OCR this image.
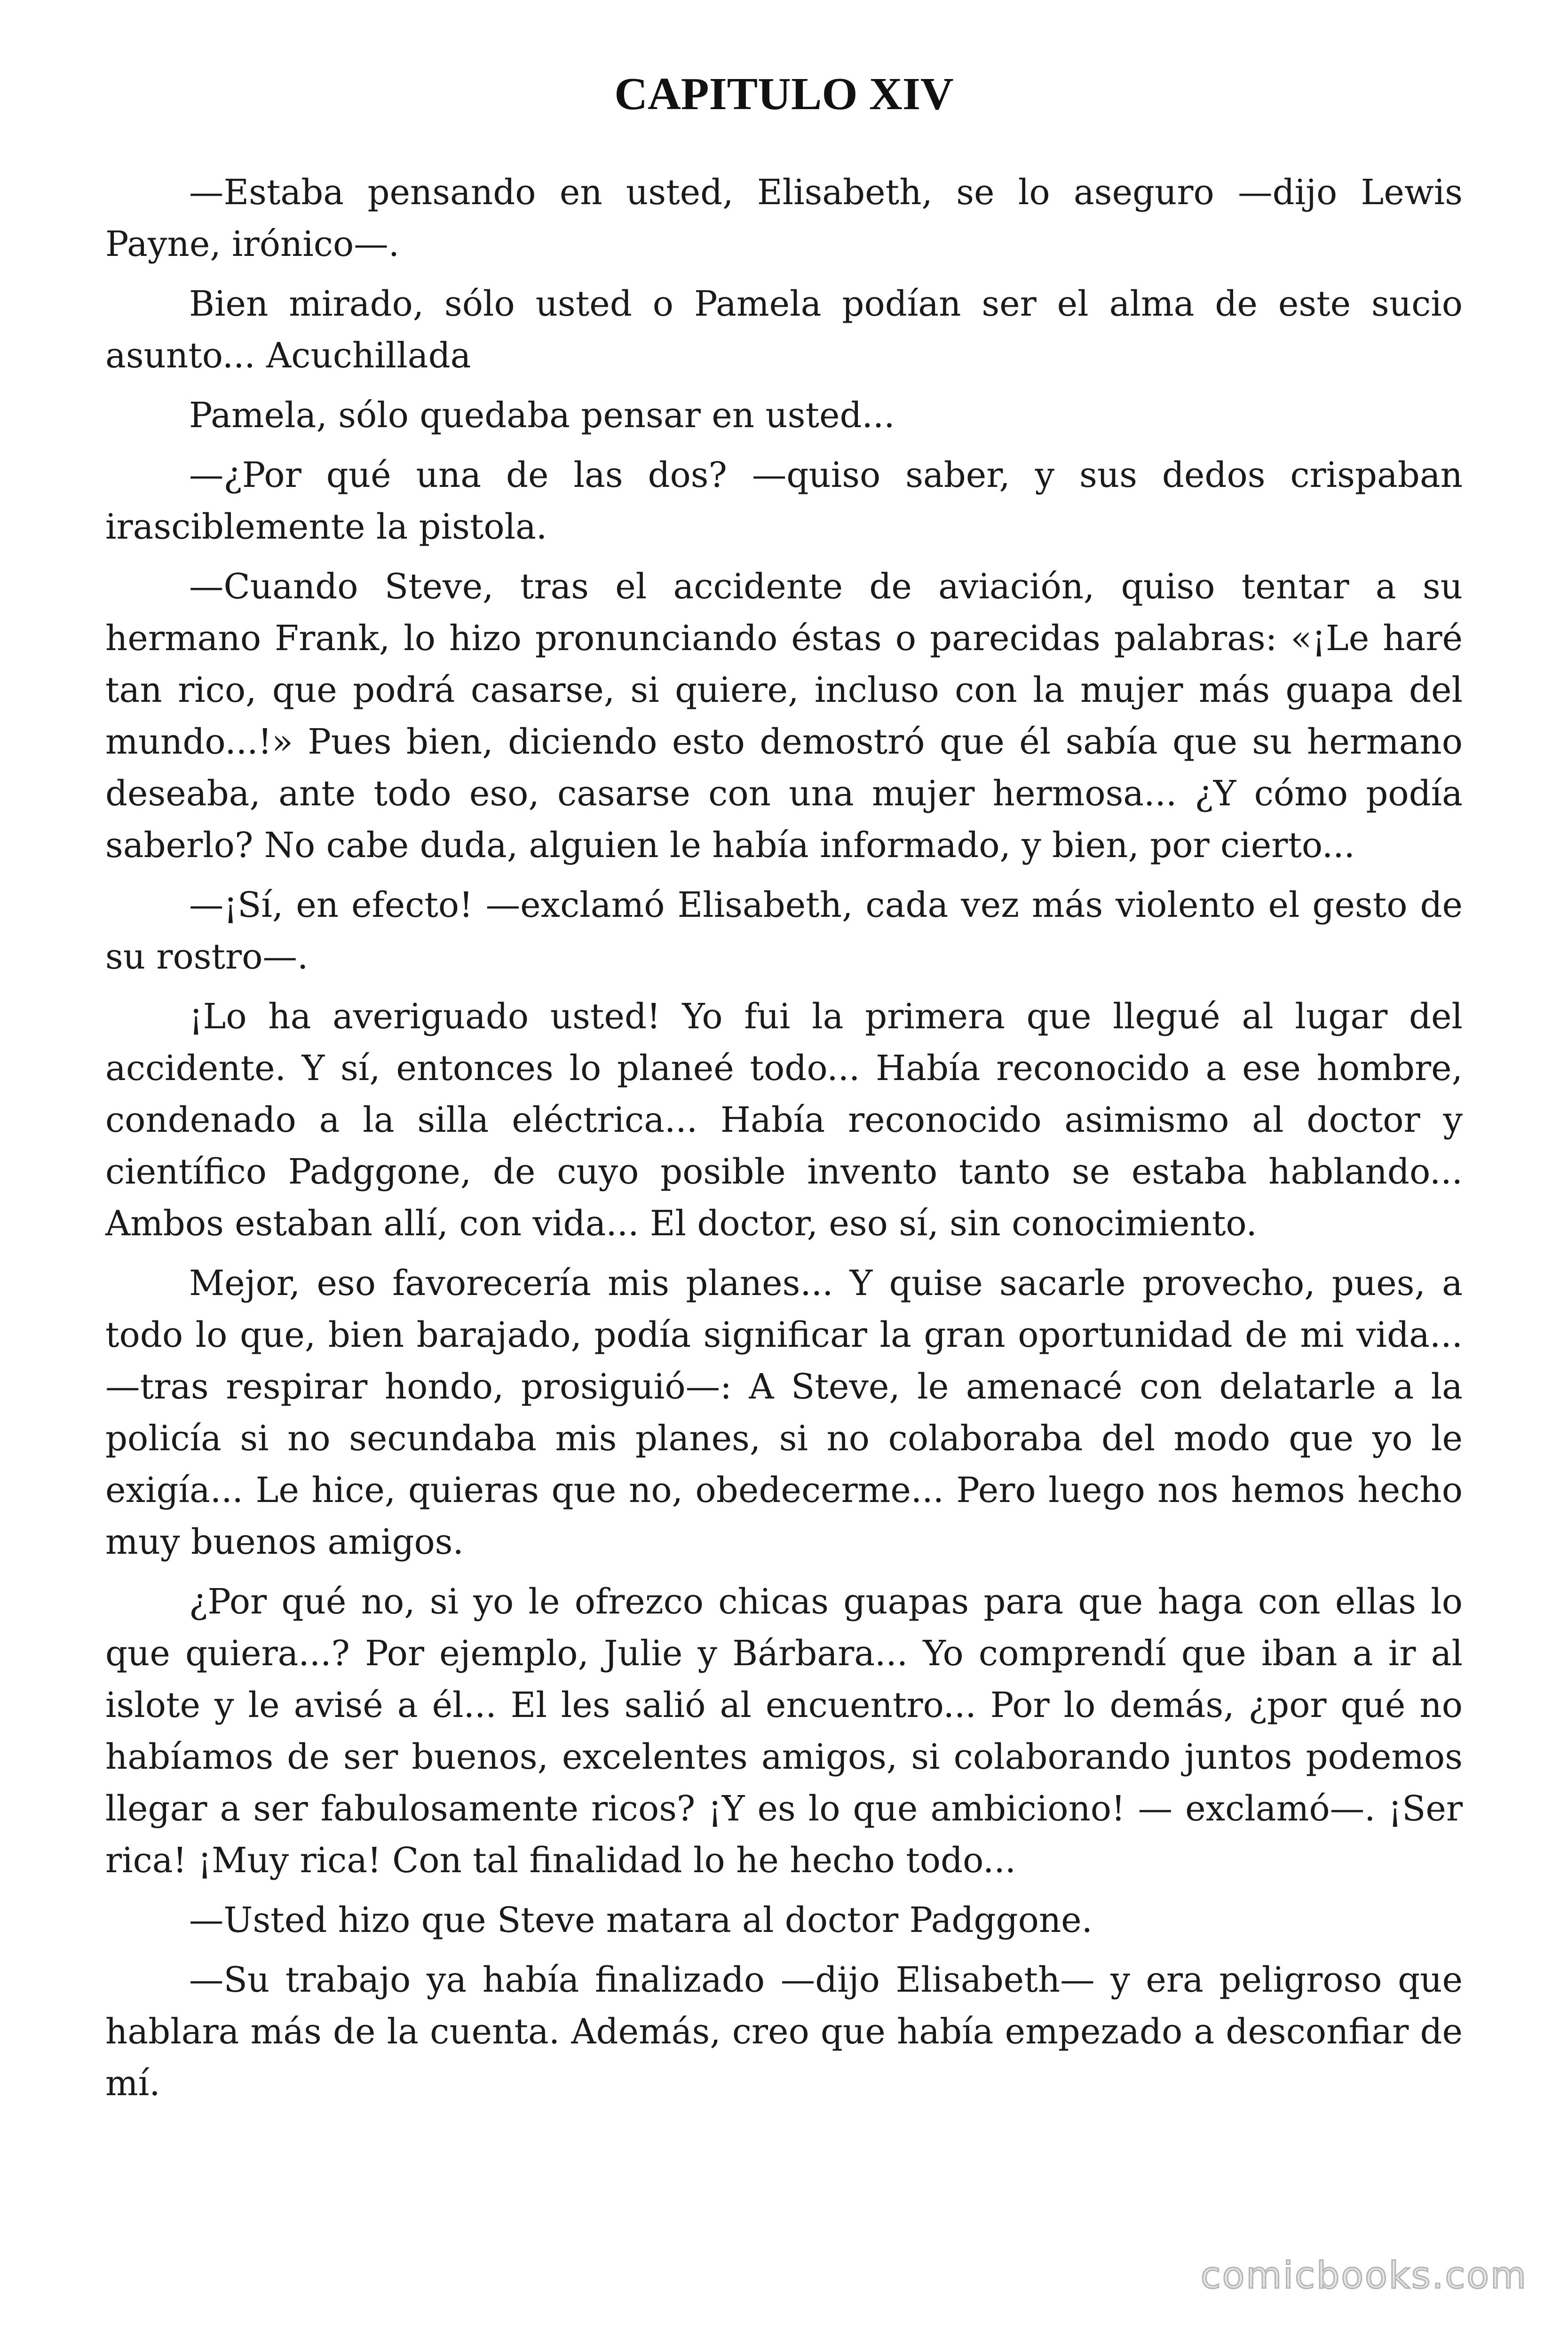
CAPITULO XIV

—Estaba pensando en usted, Elisabeth, se lo aseguro —dijo Lewis Payne, irónico—.

Bien mirado, sólo usted o Pamela podían ser el alma de este sucio asunto... Acuchillada

Pamela, sólo quedaba pensar en usted...

—¿Por qué una de las dos? —quiso saber, y sus dedos crispaban irasciblemente la pistola.

—Cuando Steve, tras el accidente de aviación, quiso tentar a su hermano Frank, lo hizo pronunciando éstas o parecidas palabras: «¡Le haré tan rico, que podrá casarse, si quiere, incluso con la mujer más guapa del mundo...!» Pues bien, diciendo esto demostró que él sabía que su hermano deseaba, ante todo eso, casarse con una mujer hermosa... ¿Y cómo podía saberlo? No cabe duda, alguien le había informado, y bien, por cierto...

—¡Sí, en efecto! —exclamó Elisabeth, cada vez más violento el gesto de su rostro—.

¡Lo ha averiguado usted! Yo fui la primera que llegué al lugar del accidente. Y sí, entonces lo planeé todo... Había reconocido a ese hombre, condenado a la silla eléctrica... Había reconocido asimismo al doctor y científico Padggone, de cuyo posible invento tanto se estaba hablando... Ambos estaban allí, con vida... El doctor, eso sí, sin conocimiento.

Mejor, eso favorecería mis planes... Y quise sacarle provecho, pues, a todo lo que, bien barajado, podía significar la gran oportunidad de mi vida... —tras respirar hondo, prosiguió—: A Steve, le amenacé con delatarle a la policía si no secundaba mis planes, si no colaboraba del modo que yo le exigía... Le hice, quieras que no, obedecerme... Pero luego nos hemos hecho muy buenos amigos.

¿Por qué no, si yo le ofrezco chicas guapas para que haga con ellas lo que quiera...? Por ejemplo, Julie y Bárbara... Yo comprendí que iban a ir al islote y le avisé a él... El les salió al encuentro... Por lo demás, ¿por qué no habíamos de ser buenos, excelentes amigos, si colaborando juntos podemos llegar a ser fabulosamente ricos? ¡Y es lo que ambiciono! — exclamó—. ¡Ser rica! ¡Muy rica! Con tal finalidad lo he hecho todo...

—Usted hizo que Steve matara al doctor Padggone.

—Su trabajo ya había finalizado —dijo Elisabeth— y era peligroso que hablara más de la cuenta. Además, creo que había empezado a desconfiar de mí.

comicbooks.com
